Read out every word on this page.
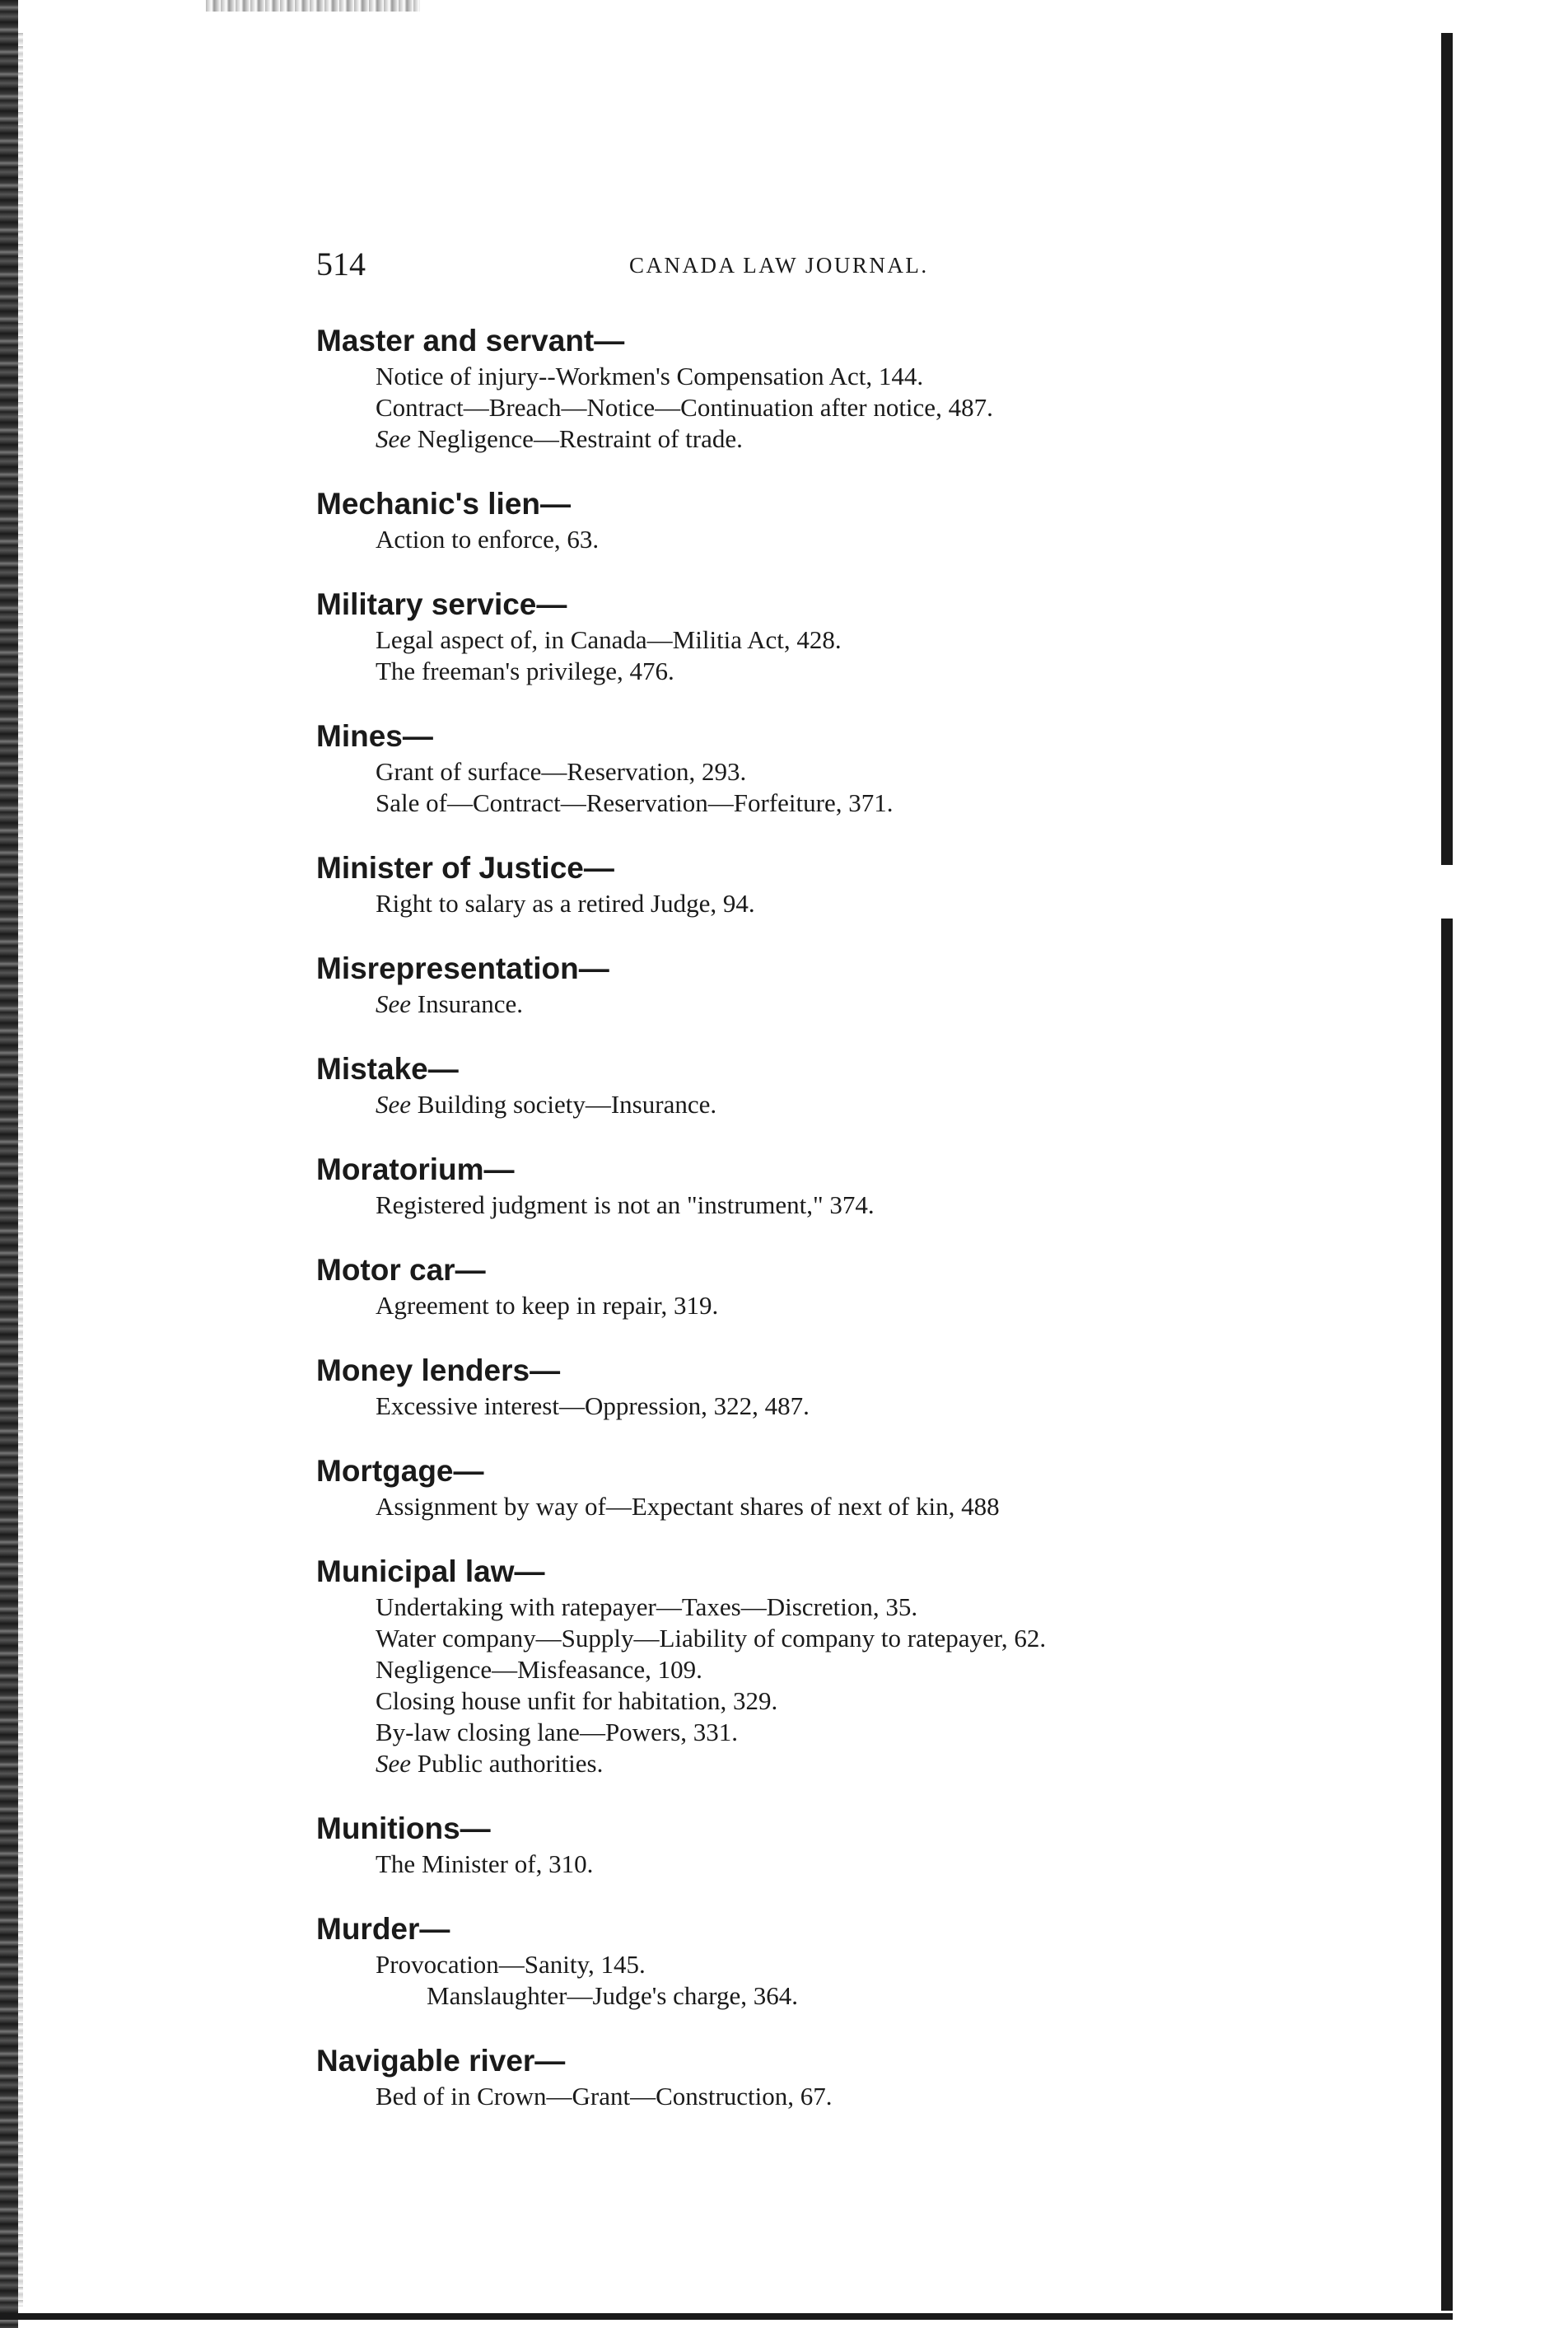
514	CANADA LAW JOURNAL.
Master and servant—
Notice of injury--Workmen's Compensation Act, 144.
Contract—Breach—Notice—Continuation after notice, 487.
See Negligence—Restraint of trade.
Mechanic's lien—
Action to enforce, 63.
Military service—
Legal aspect of, in Canada—Militia Act, 428.
The freeman's privilege, 476.
Mines—
Grant of surface—Reservation, 293.
Sale of—Contract—Reservation—Forfeiture, 371.
Minister of Justice—
Right to salary as a retired Judge, 94.
Misrepresentation—
See Insurance.
Mistake—
See Building society—Insurance.
Moratorium—
Registered judgment is not an "instrument," 374.
Motor car—
Agreement to keep in repair, 319.
Money lenders—
Excessive interest—Oppression, 322, 487.
Mortgage—
Assignment by way of—Expectant shares of next of kin, 488
Municipal law—
Undertaking with ratepayer—Taxes—Discretion, 35.
Water company—Supply—Liability of company to ratepayer, 62.
Negligence—Misfeasance, 109.
Closing house unfit for habitation, 329.
By-law closing lane—Powers, 331.
See Public authorities.
Munitions—
The Minister of, 310.
Murder—
Provocation—Sanity, 145.
Manslaughter—Judge's charge, 364.
Navigable river—
Bed of in Crown—Grant—Construction, 67.
